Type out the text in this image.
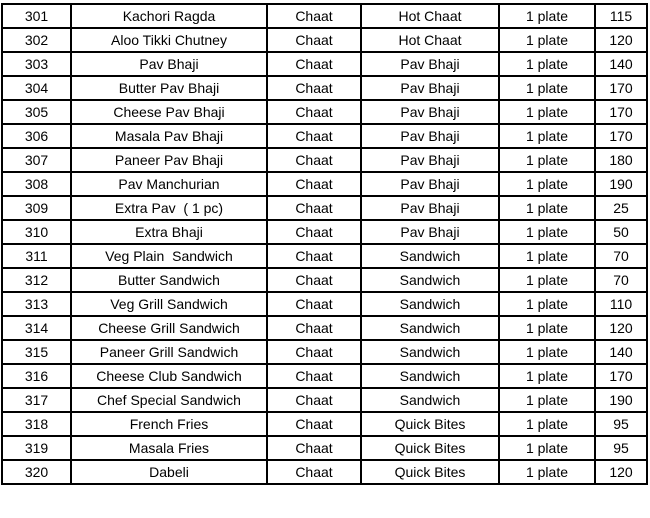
301	Kachori Ragda	Chaat	Hot Chaat	1 plate	115
302	Aloo Tikki Chutney	Chaat	Hot Chaat	1 plate	120
303	Pav Bhaji	Chaat	Pav Bhaji	1 plate	140
304	Butter Pav Bhaji	Chaat	Pav Bhaji	1 plate	170
305	Cheese Pav Bhaji	Chaat	Pav Bhaji	1 plate	170
306	Masala Pav Bhaji	Chaat	Pav Bhaji	1 plate	170
307	Paneer Pav Bhaji	Chaat	Pav Bhaji	1 plate	180
308	Pav Manchurian	Chaat	Pav Bhaji	1 plate	190
309	Extra Pav  ( 1 pc)	Chaat	Pav Bhaji	1 plate	25
310	Extra Bhaji	Chaat	Pav Bhaji	1 plate	50
311	Veg Plain  Sandwich	Chaat	Sandwich	1 plate	70
312	Butter Sandwich	Chaat	Sandwich	1 plate	70
313	Veg Grill Sandwich	Chaat	Sandwich	1 plate	110
314	Cheese Grill Sandwich	Chaat	Sandwich	1 plate	120
315	Paneer Grill Sandwich	Chaat	Sandwich	1 plate	140
316	Cheese Club Sandwich	Chaat	Sandwich	1 plate	170
317	Chef Special Sandwich	Chaat	Sandwich	1 plate	190
318	French Fries	Chaat	Quick Bites	1 plate	95
319	Masala Fries	Chaat	Quick Bites	1 plate	95
320	Dabeli	Chaat	Quick Bites	1 plate	120
